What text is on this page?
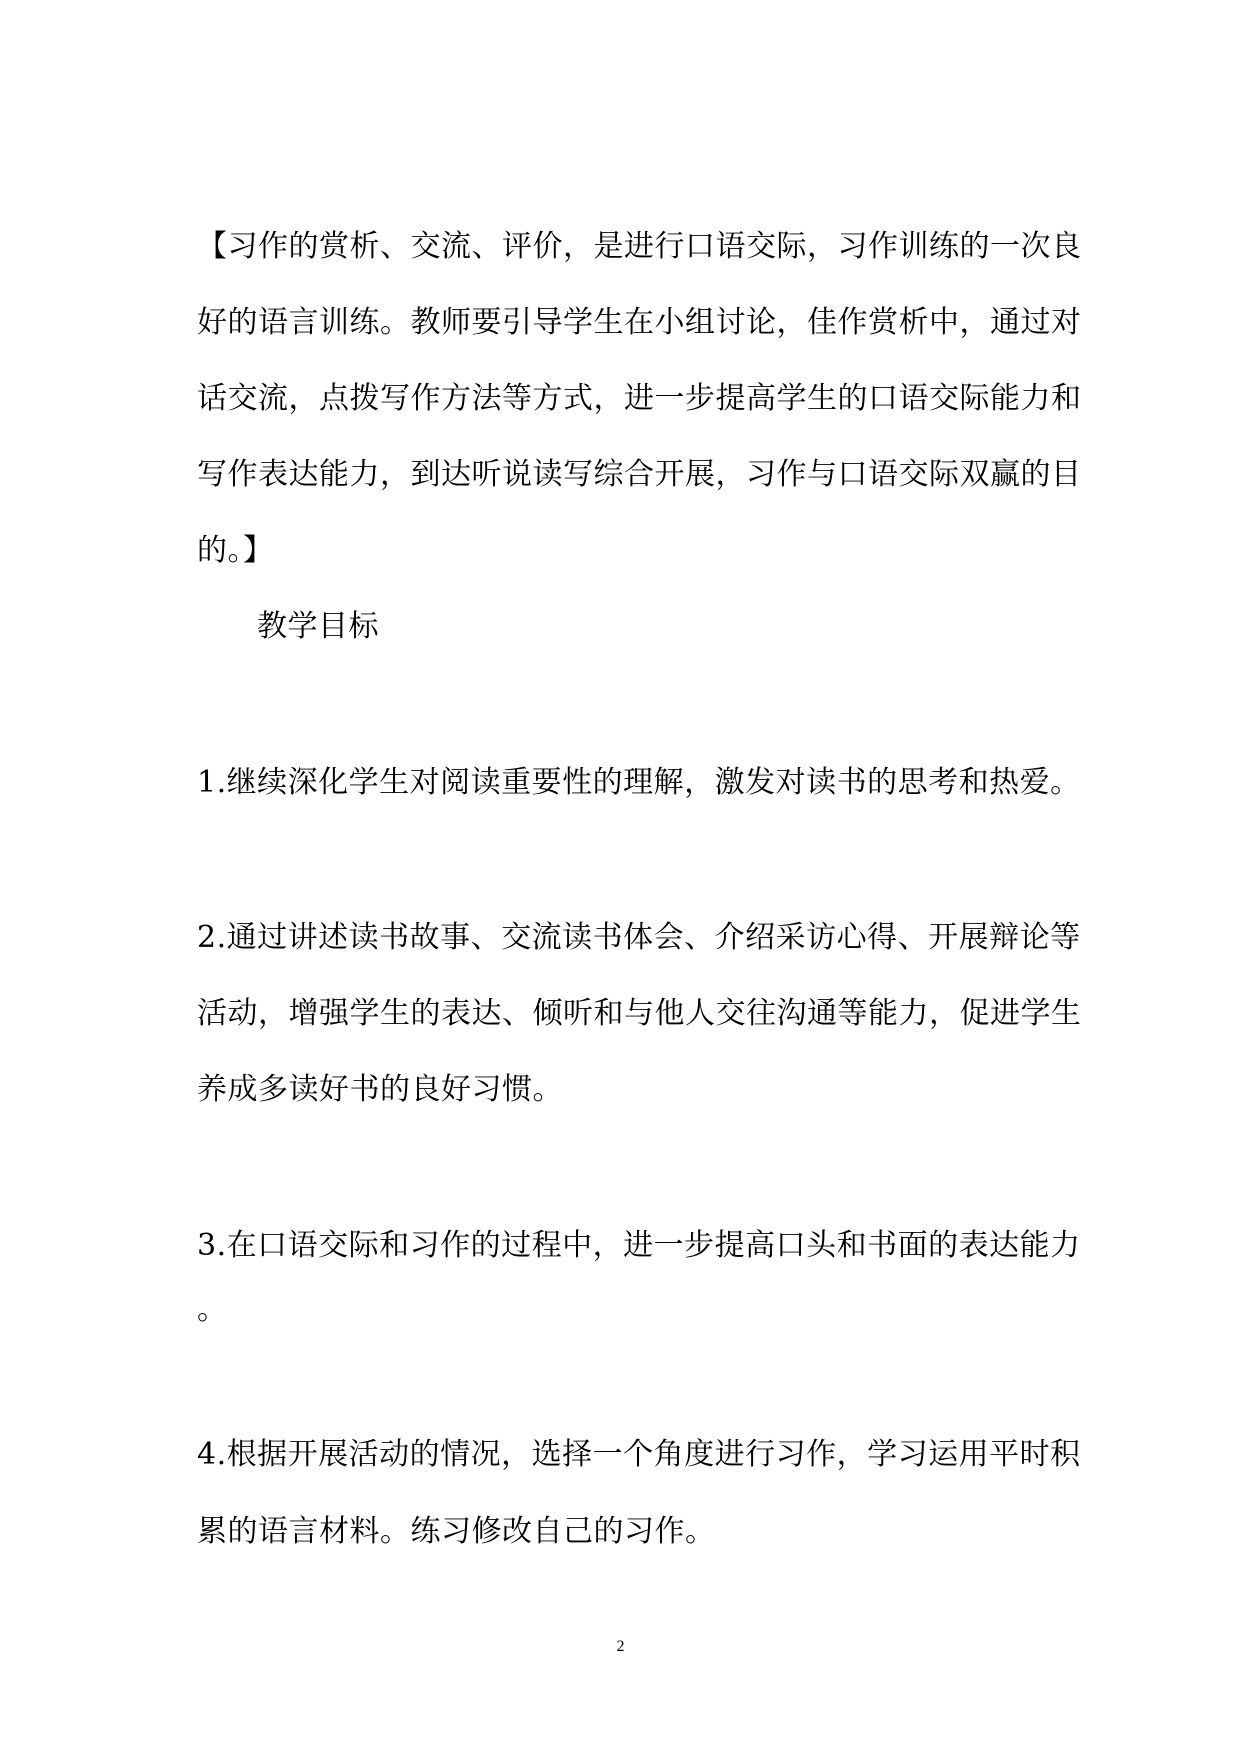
【习作的赏析、交流、评价，是进行口语交际，习作训练的一次良
好的语言训练。教师要引导学生在小组讨论，佳作赏析中，通过对
话交流，点拨写作方法等方式，进一步提高学生的口语交际能力和
写作表达能力，到达听说读写综合开展，习作与口语交际双赢的目
的。】
教学目标
1.继续深化学生对阅读重要性的理解，激发对读书的思考和热爱。
2.通过讲述读书故事、交流读书体会、介绍采访心得、开展辩论等
活动，增强学生的表达、倾听和与他人交往沟通等能力，促进学生
养成多读好书的良好习惯。
3.在口语交际和习作的过程中，进一步提高口头和书面的表达能力
。
4.根据开展活动的情况，选择一个角度进行习作，学习运用平时积
累的语言材料。练习修改自己的习作。
2
